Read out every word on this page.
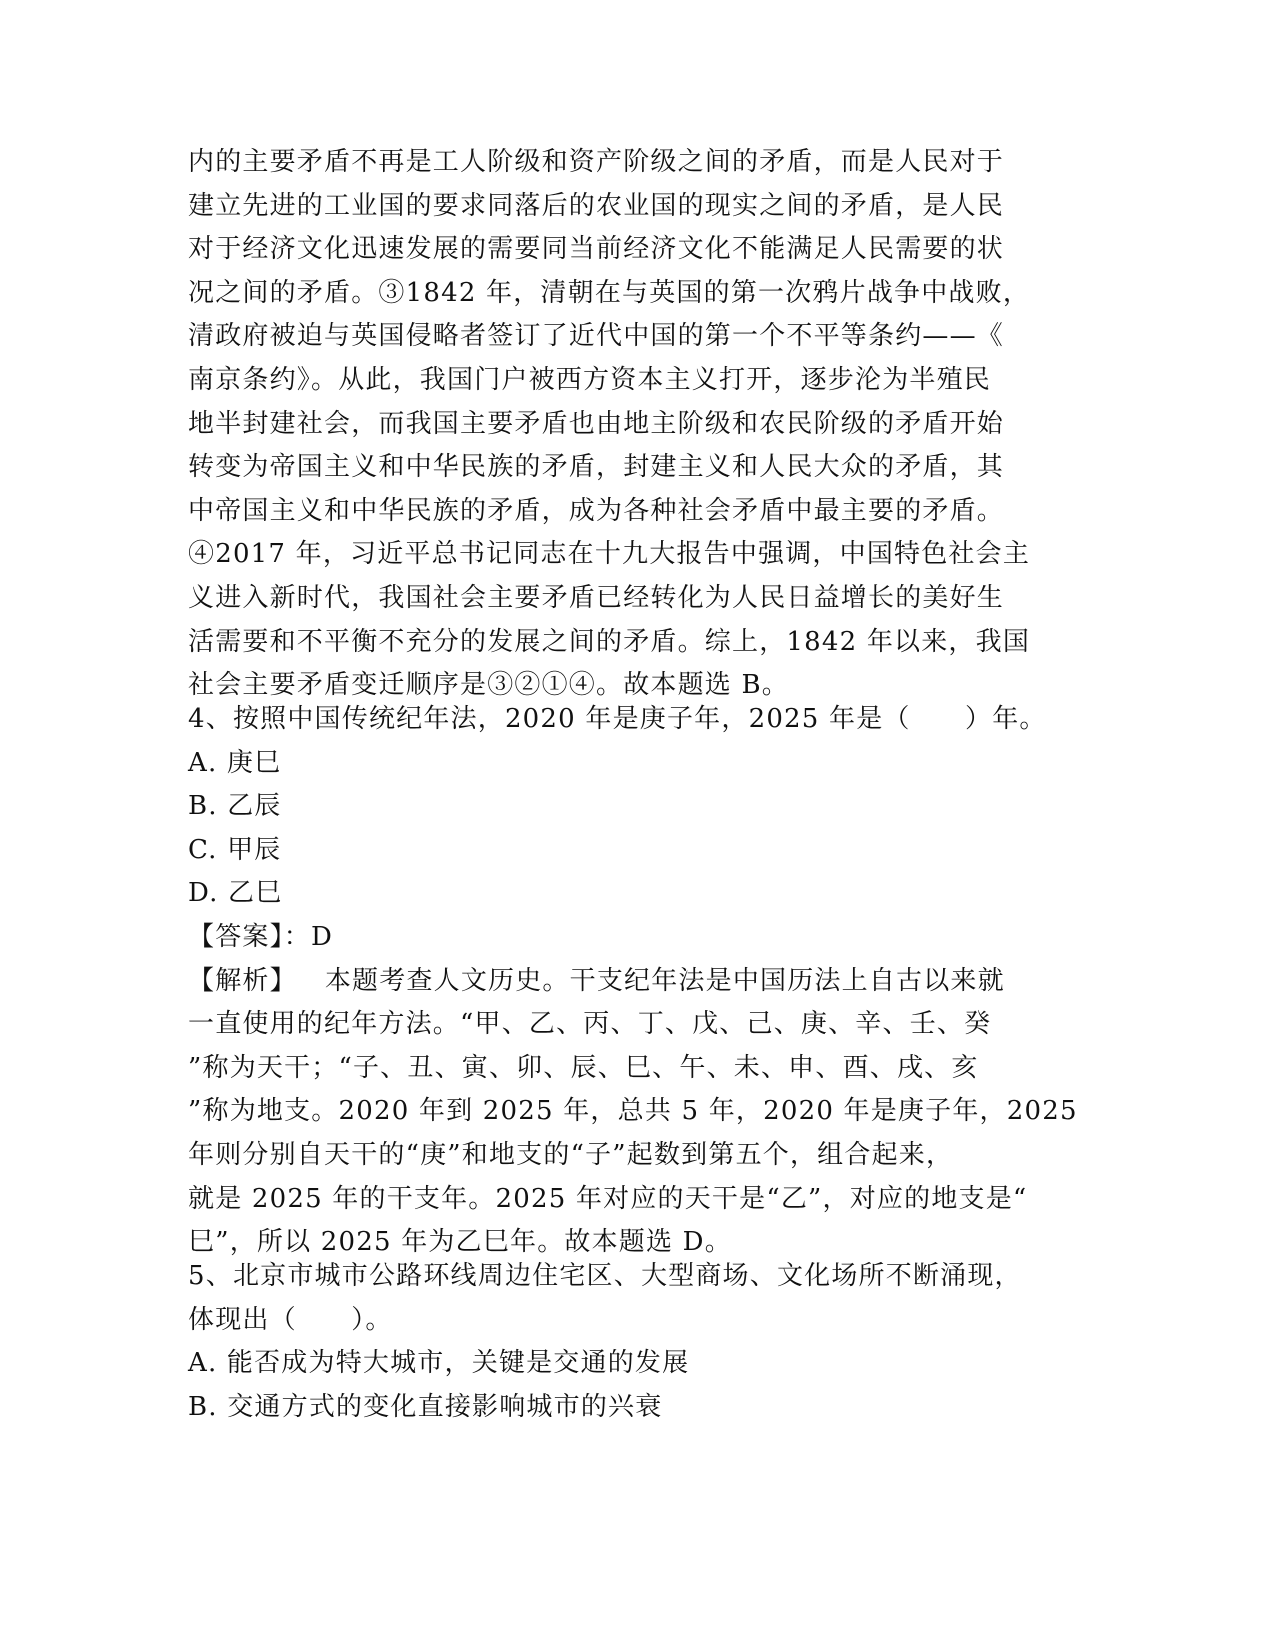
内的主要矛盾不再是工人阶级和资产阶级之间的矛盾，而是人民对于
建立先进的工业国的要求同落后的农业国的现实之间的矛盾，是人民
对于经济文化迅速发展的需要同当前经济文化不能满足人民需要的状
况之间的矛盾。③1842 年，清朝在与英国的第一次鸦片战争中战败，
清政府被迫与英国侵略者签订了近代中国的第一个不平等条约——《
南京条约》。从此，我国门户被西方资本主义打开，逐步沦为半殖民
地半封建社会，而我国主要矛盾也由地主阶级和农民阶级的矛盾开始
转变为帝国主义和中华民族的矛盾，封建主义和人民大众的矛盾，其
中帝国主义和中华民族的矛盾，成为各种社会矛盾中最主要的矛盾。
④2017 年，习近平总书记同志在十九大报告中强调，中国特色社会主
义进入新时代，我国社会主要矛盾已经转化为人民日益增长的美好生
活需要和不平衡不充分的发展之间的矛盾。综上，1842 年以来，我国
社会主要矛盾变迁顺序是③②①④。故本题选 B。
4、按照中国传统纪年法，2020 年是庚子年，2025 年是（　　）年。
A. 庚巳
B. 乙辰
C. 甲辰
D. 乙巳
【答案】：D
【解析】 本题考查人文历史。干支纪年法是中国历法上自古以来就
一直使用的纪年方法。“甲、乙、丙、丁、戊、己、庚、辛、壬、癸
”称为天干；“子、丑、寅、卯、辰、巳、午、未、申、酉、戌、亥
”称为地支。2020 年到 2025 年，总共 5 年，2020 年是庚子年，2025
年则分别自天干的“庚”和地支的“子”起数到第五个，组合起来，
就是 2025 年的干支年。2025 年对应的天干是“乙”，对应的地支是“
巳”，所以 2025 年为乙巳年。故本题选 D。
5、北京市城市公路环线周边住宅区、大型商场、文化场所不断涌现，
体现出（　　）。
A. 能否成为特大城市，关键是交通的发展
B. 交通方式的变化直接影响城市的兴衰
